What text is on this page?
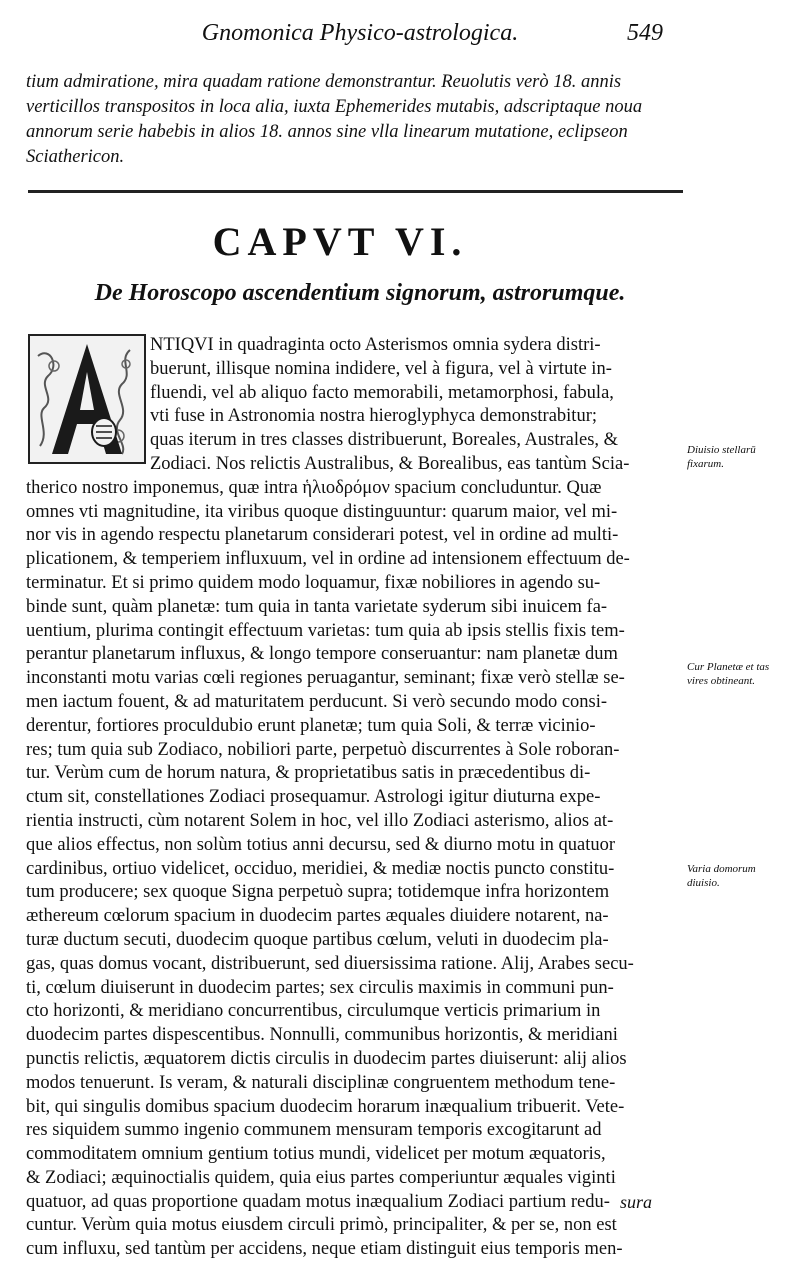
Gnomonica Physico-astrologica.	549

tium admiratione, mira quadam ratione demonstrantur. Reuolutis verò 18. annis verticillos transpositos in loca alia, iuxta Ephemerides mutabis, adscriptaque noua annorum serie habebis in alios 18. annos sine vlla linearum mutatione, eclipseon Sciathericon.

CAPVT VI.
De Horoscopo ascendentium signorum, astrorumque.
NTIQVI in quadraginta octo Asterismos omnia sydera distri-
buerunt, illisque nomina indidere, vel à figura, vel à virtute in-
fluendi, vel ab aliquo facto memorabili, metamorphosi, fabula,
vti fuse in Astronomia nostra hieroglyphyca demonstrabitur;
quas iterum in tres classes distribuerunt, Boreales, Australes, &
Zodiaci. Nos relictis Australibus, & Borealibus, eas tantùm Scia-
therico nostro imponemus, quæ intra ἡλιοδρόμον spacium concluduntur. Quæ
omnes vti magnitudine, ita viribus quoque distinguuntur: quarum maior, vel mi-
nor vis in agendo respectu planetarum considerari potest, vel in ordine ad multi-
plicationem, & temperiem influxuum, vel in ordine ad intensionem effectuum de-
terminatur. Et si primo quidem modo loquamur, fixæ nobiliores in agendo su-
binde sunt, quàm planetæ: tum quia in tanta varietate syderum sibi inuicem fa-
uentium, plurima contingit effectuum varietas: tum quia ab ipsis stellis fixis tem-
perantur planetarum influxus, & longo tempore conseruantur: nam planetæ dum
inconstanti motu varias cœli regiones peruagantur, seminant; fixæ verò stellæ se-
men iactum fouent, & ad maturitatem perducunt. Si verò secundo modo consi-
derentur, fortiores proculdubio erunt planetæ; tum quia Soli, & terræ vicinio-
res; tum quia sub Zodiaco, nobiliori parte, perpetuò discurrentes à Sole roboran-
tur. Verùm cum de horum natura, & proprietatibus satis in præcedentibus di-
ctum sit, constellationes Zodiaci prosequamur. Astrologi igitur diuturna expe-
rientia instructi, cùm notarent Solem in hoc, vel illo Zodiaci asterismo, alios at-
que alios effectus, non solùm totius anni decursu, sed & diurno motu in quatuor
cardinibus, ortiuo videlicet, occiduo, meridiei, & mediæ noctis puncto constitu-
tum producere; sex quoque Signa perpetuò supra; totidemque infra horizontem
æthereum cœlorum spacium in duodecim partes æquales diuidere notarent, na-
turæ ductum secuti, duodecim quoque partibus cœlum, veluti in duodecim pla-
gas, quas domus vocant, distribuerunt, sed diuersissima ratione. Alij, Arabes secu-
ti, cœlum diuiserunt in duodecim partes; sex circulis maximis in communi pun-
cto horizonti, & meridiano concurrentibus, circulumque verticis primarium in
duodecim partes dispescentibus. Nonnulli, communibus horizontis, & meridiani
punctis relictis, æquatorem dictis circulis in duodecim partes diuiserunt: alij alios
modos tenuerunt. Is veram, & naturali disciplinæ congruentem methodum tene-
bit, qui singulis domibus spacium duodecim horarum inæqualium tribuerit. Vete-
res siquidem summo ingenio communem mensuram temporis excogitarunt ad
commoditatem omnium gentium totius mundi, videlicet per motum æquatoris,
& Zodiaci; æquinoctialis quidem, quia eius partes comperiuntur æquales viginti
quatuor, ad quas proportione quadam motus inæqualium Zodiaci partium redu-
cuntur. Verùm quia motus eiusdem circuli primò, principaliter, & per se, non est
cum influxu, sed tantùm per accidens, neque etiam distinguit eius temporis men-

Diuisio stellarū fixarum.

Cur Planetæ et tas vires obtineant.

Varia domorum diuisio.

sura
